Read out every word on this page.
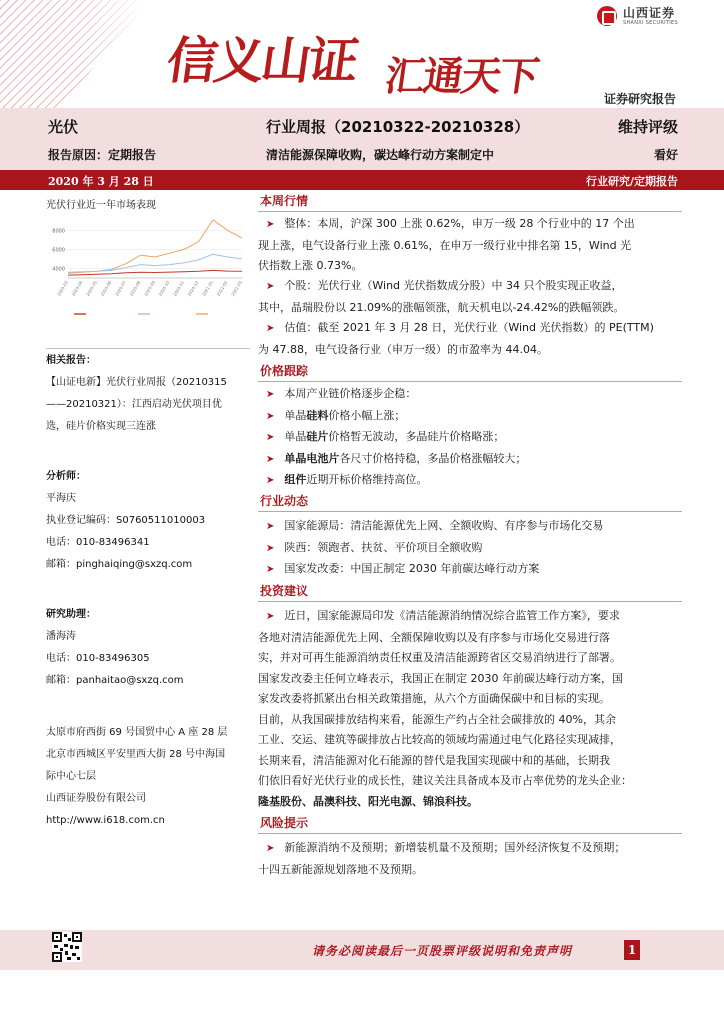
信义山证 汇通天下
山西证券
SHANXI SECURITIES
证券研究报告
光伏
报告原因：定期报告
行业周报（20210322-20210328）
清洁能源保障收购，碳达峰行动方案制定中
维持评级
看好
2020 年 3 月 28 日	行业研究/定期报告
光伏行业近一年市场表现
4000
6000
8000
2020-03 2020-04 2020-05 2020-06 2020-07 2020-08 2020-09 2020-10 2020-11 2020-12 2021-01 2021-02 2021-03
相关报告：
【山证电新】光伏行业周报（20210315
——20210321）：江西启动光伏项目优
选，硅片价格实现三连涨
分析师：
平海庆
执业登记编码：S0760511010003
电话：010-83496341
邮箱：pinghaiqing@sxzq.com
研究助理：
潘海涛
电话：010-83496305
邮箱：panhaitao@sxzq.com
太原市府西街 69 号国贸中心 A 座 28 层
北京市西城区平安里西大街 28 号中海国
际中心七层
山西证券股份有限公司
http://www.i618.com.cn
本周行情
➤ 整体：本周，沪深 300 上涨 0.62%，申万一级 28 个行业中的 17 个出
现上涨，电气设备行业上涨 0.61%，在申万一级行业中排名第 15，Wind 光
伏指数上涨 0.73%。
➤ 个股：光伏行业（Wind 光伏指数成分股）中 34 只个股实现正收益，
其中，晶瑞股份以 21.09%的涨幅领涨，航天机电以-24.42%的跌幅领跌。
➤ 估值：截至 2021 年 3 月 28 日，光伏行业（Wind 光伏指数）的 PE(TTM)
为 47.88，电气设备行业（申万一级）的市盈率为 44.04。
价格跟踪
➤ 本周产业链价格逐步企稳：
➤ 单晶硅料价格小幅上涨；
➤ 单晶硅片价格暂无波动，多晶硅片价格略涨；
➤ 单晶电池片各尺寸价格持稳，多晶价格涨幅较大；
➤ 组件近期开标价格维持高位。
行业动态
➤ 国家能源局：清洁能源优先上网、全额收购、有序参与市场化交易
➤ 陕西：领跑者、扶贫、平价项目全额收购
➤ 国家发改委：中国正制定 2030 年前碳达峰行动方案
投资建议
➤ 近日，国家能源局印发《清洁能源消纳情况综合监管工作方案》，要求
各地对清洁能源优先上网、全额保障收购以及有序参与市场化交易进行落
实，并对可再生能源消纳责任权重及清洁能源跨省区交易消纳进行了部署。
国家发改委主任何立峰表示，我国正在制定 2030 年前碳达峰行动方案，国
家发改委将抓紧出台相关政策措施，从六个方面确保碳中和目标的实现。
目前，从我国碳排放结构来看，能源生产约占全社会碳排放的 40%，其余
工业、交运、建筑等碳排放占比较高的领域均需通过电气化路径实现减排，
长期来看，清洁能源对化石能源的替代是我国实现碳中和的基础，长期我
们依旧看好光伏行业的成长性，建议关注具备成本及市占率优势的龙头企业：
隆基股份、晶澳科技、阳光电源、锦浪科技。
风险提示
➤ 新能源消纳不及预期；新增装机量不及预期；国外经济恢复不及预期；
十四五新能源规划落地不及预期。
请务必阅读最后一页股票评级说明和免责声明	1
